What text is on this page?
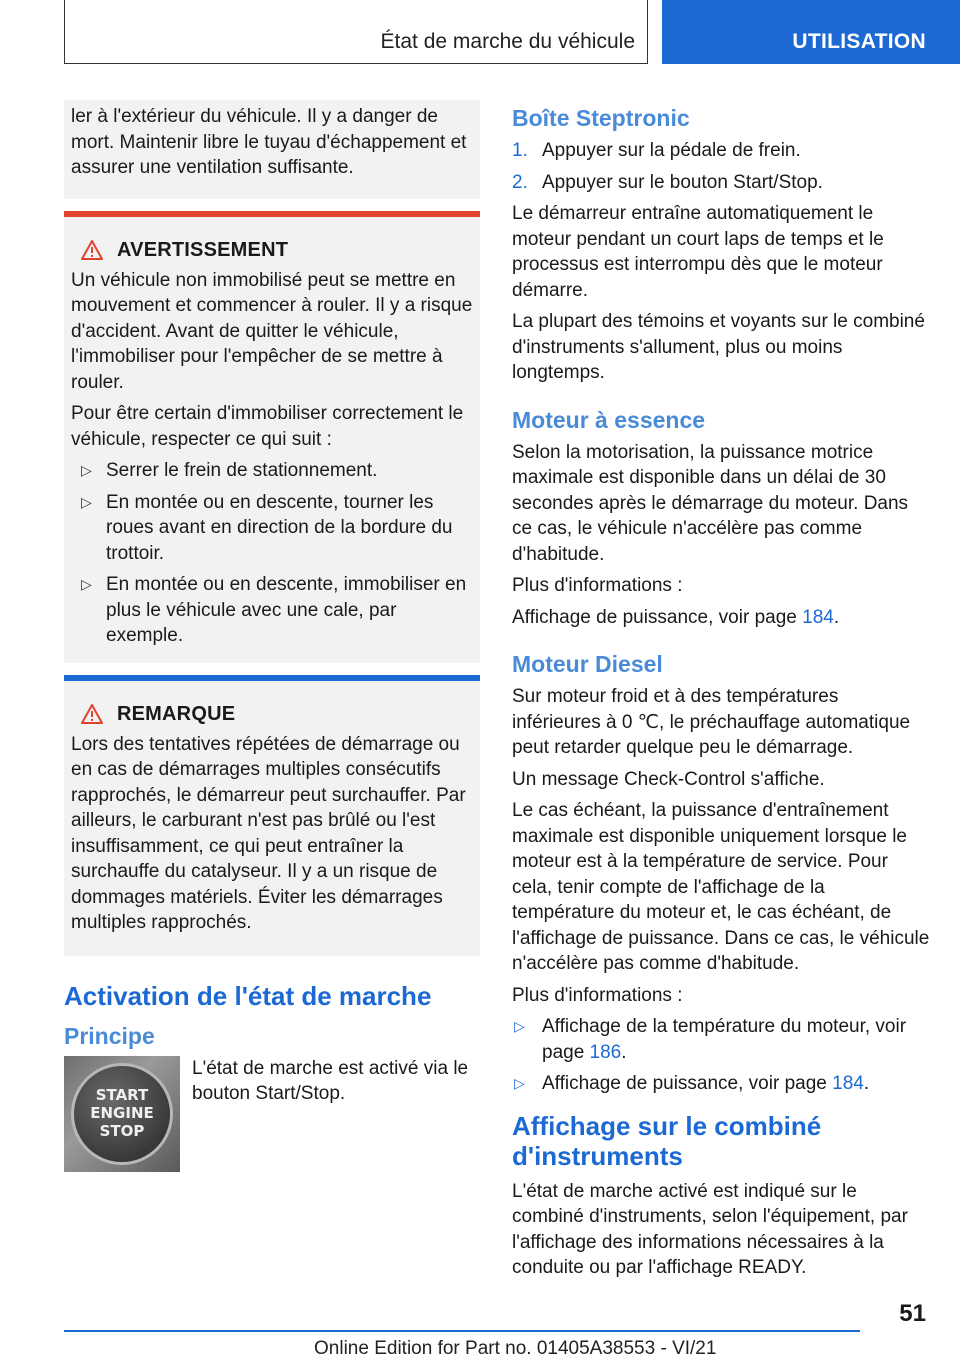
État de marche du véhicule	UTILISATION

ler à l'extérieur du véhicule. Il y a danger de mort. Maintenir libre le tuyau d'échappement et assurer une ventilation suffisante.

AVERTISSEMENT

Un véhicule non immobilisé peut se mettre en mouvement et commencer à rouler. Il y a risque d'accident. Avant de quitter le véhicule, l'immobiliser pour l'empêcher de se mettre à rouler.

Pour être certain d'immobiliser correctement le véhicule, respecter ce qui suit :

▷ Serrer le frein de stationnement.
▷ En montée ou en descente, tourner les roues avant en direction de la bordure du trottoir.
▷ En montée ou en descente, immobiliser en plus le véhicule avec une cale, par exemple.
REMARQUE

Lors des tentatives répétées de démarrage ou en cas de démarrages multiples consécutifs rapprochés, le démarreur peut surchauffer. Par ailleurs, le carburant n'est pas brûlé ou l'est insuffisamment, ce qui peut entraîner la surchauffe du catalyseur. Il y a un risque de dommages matériels. Éviter les démarrages multiples rapprochés.

Activation de l'état de marche
Principe
START
ENGINE
STOP

L'état de marche est activé via le bouton Start/Stop.

Boîte Steptronic
1. Appuyer sur la pédale de frein.
2. Appuyer sur le bouton Start/Stop.

Le démarreur entraîne automatiquement le moteur pendant un court laps de temps et le processus est interrompu dès que le moteur démarre.

La plupart des témoins et voyants sur le combiné d'instruments s'allument, plus ou moins longtemps.

Moteur à essence

Selon la motorisation, la puissance motrice maximale est disponible dans un délai de 30 secondes après le démarrage du moteur. Dans ce cas, le véhicule n'accélère pas comme d'habitude.

Plus d'informations :

Affichage de puissance, voir page 184.

Moteur Diesel

Sur moteur froid et à des températures inférieures à 0 ℃, le préchauffage automatique peut retarder quelque peu le démarrage.

Un message Check-Control s'affiche.

Le cas échéant, la puissance d'entraînement maximale est disponible uniquement lorsque le moteur est à la température de service. Pour cela, tenir compte de l'affichage de la température du moteur et, le cas échéant, de l'affichage de puissance. Dans ce cas, le véhicule n'accélère pas comme d'habitude.

Plus d'informations :

▷ Affichage de la température du moteur, voir page 186.
▷ Affichage de puissance, voir page 184.
Affichage sur le combiné d'instruments

L'état de marche activé est indiqué sur le combiné d'instruments, selon l'équipement, par l'affichage des informations nécessaires à la conduite ou par l'affichage READY.

51
Online Edition for Part no. 01405A38553 - VI/21
